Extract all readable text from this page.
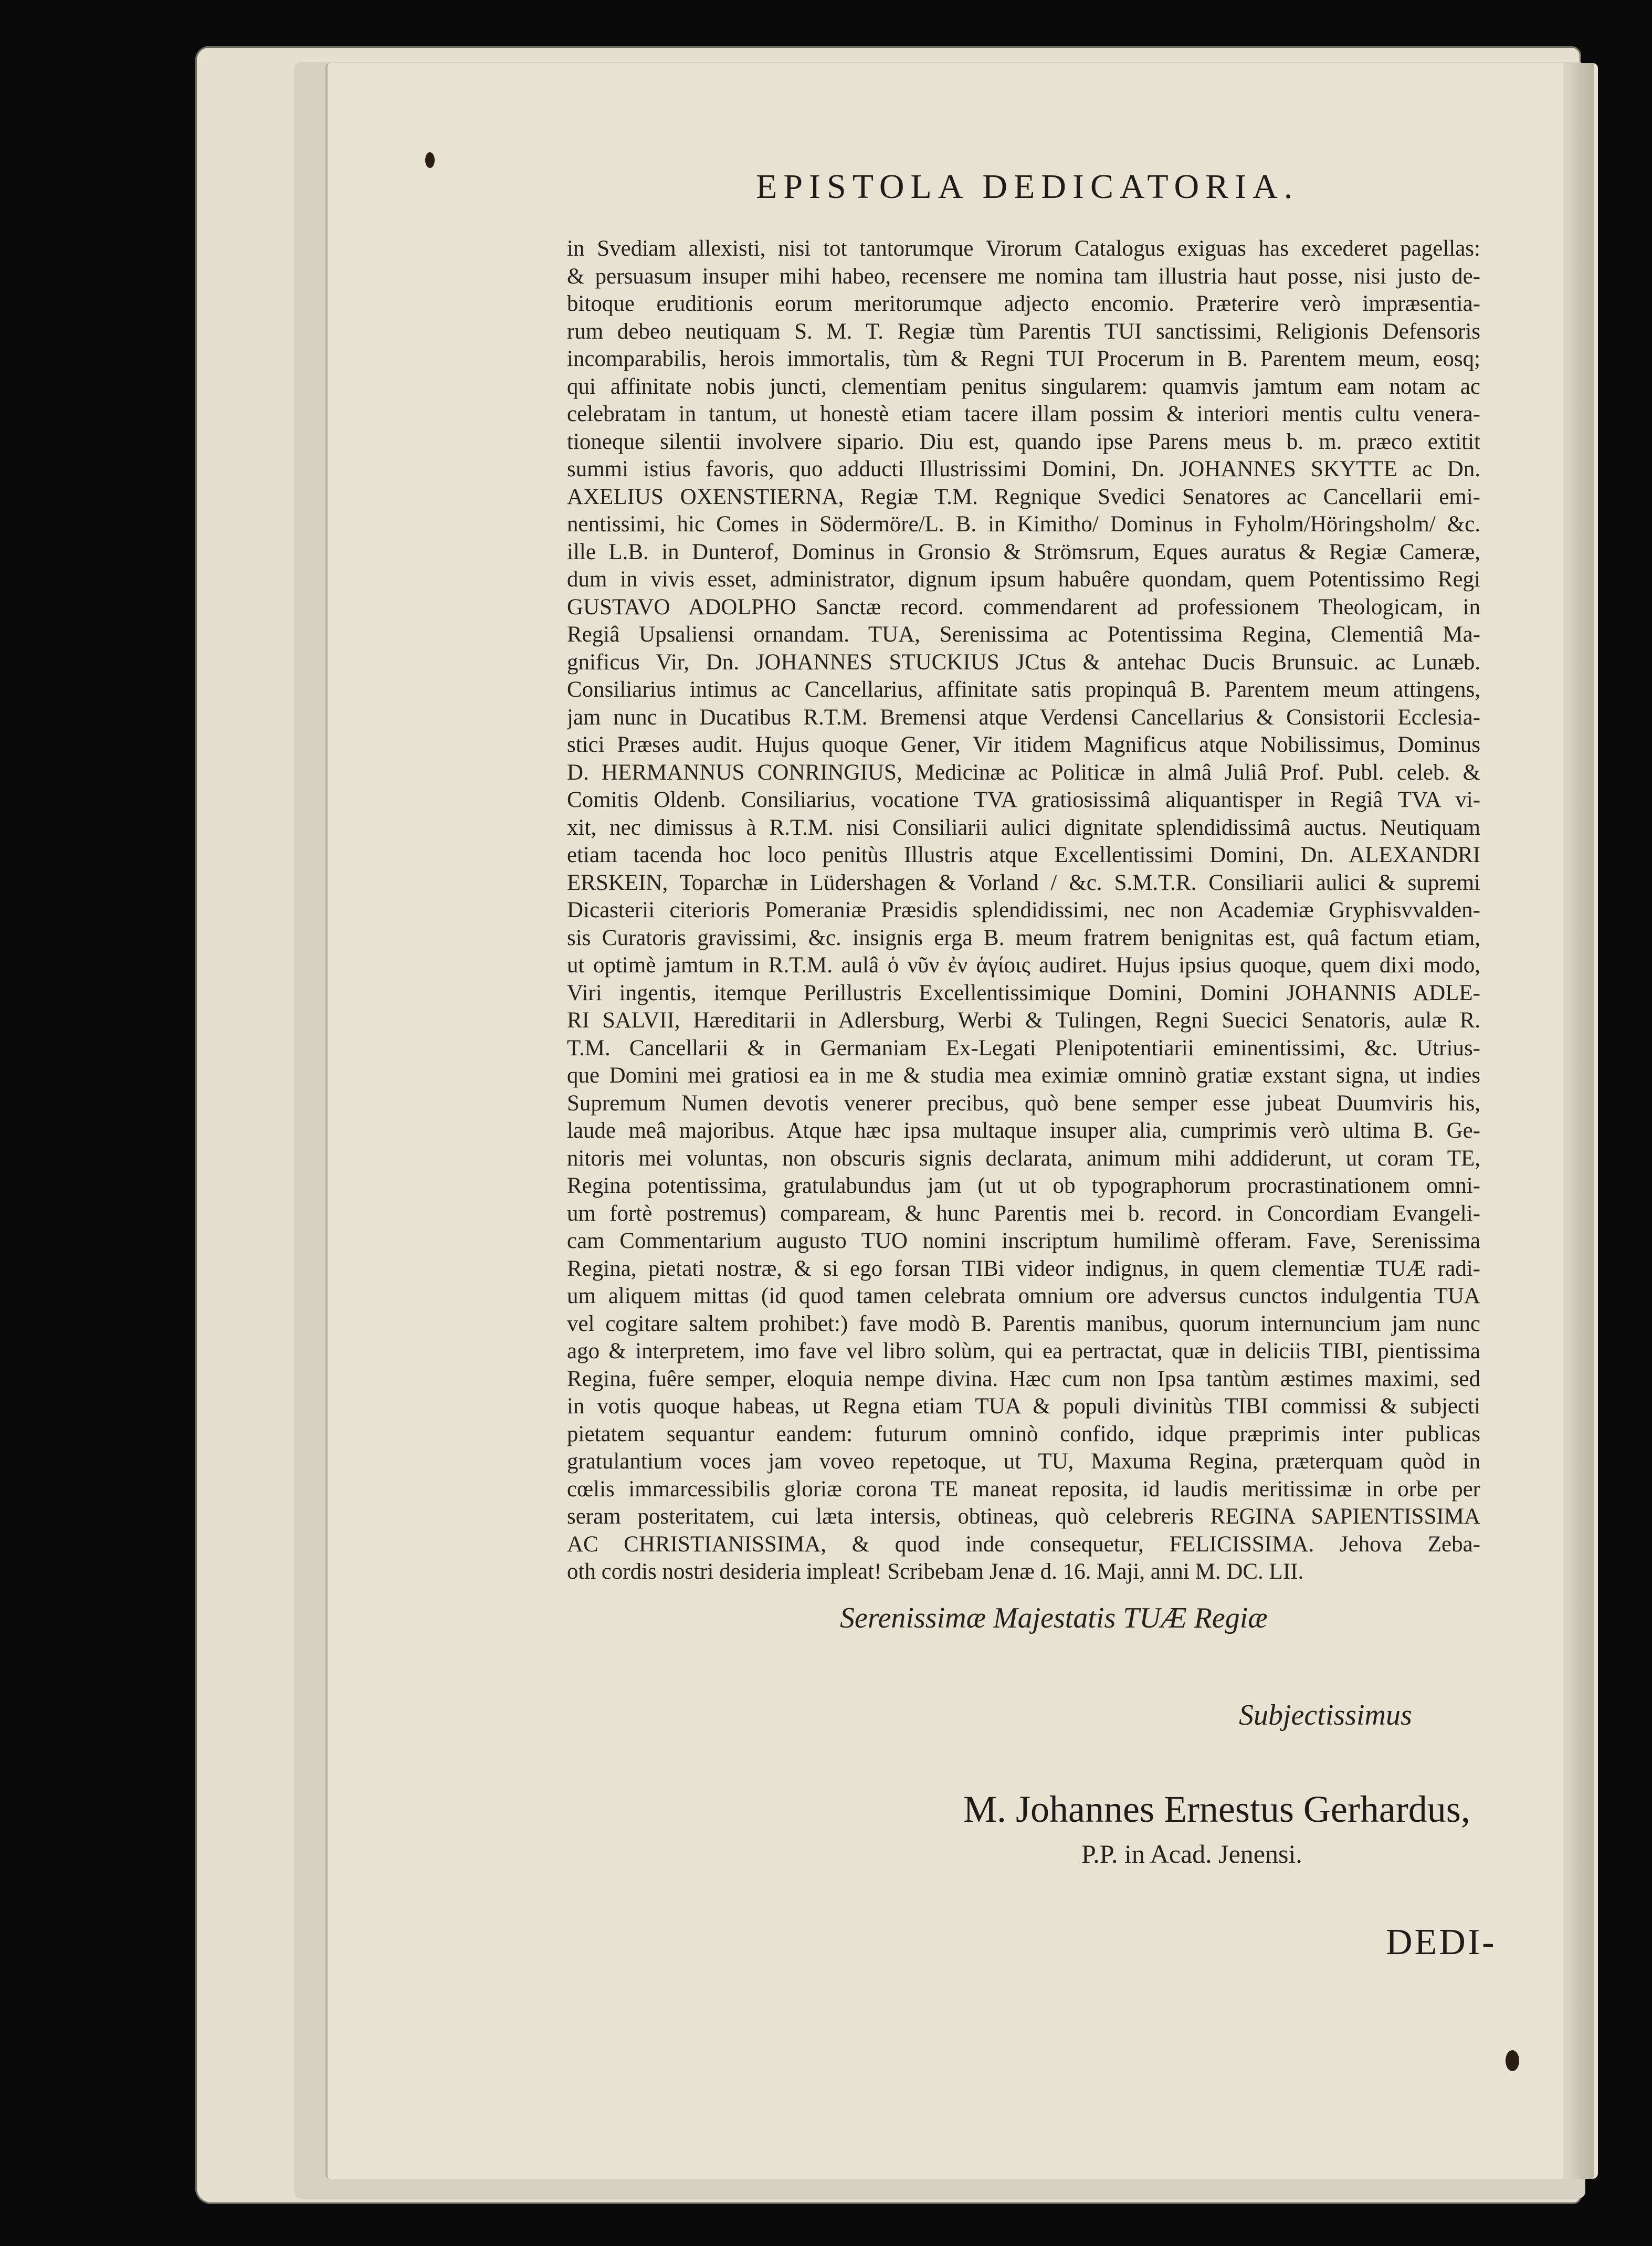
EPISTOLA DEDICATORIA.
in Svediam allexisti, nisi tot tantorumque Virorum Catalogus exiguas has excederet pagellas:
& persuasum insuper mihi habeo, recensere me nomina tam illustria haut posse, nisi justo de-
bitoque eruditionis eorum meritorumque adjecto encomio. Præterire verò impræsentia-
rum debeo neutiquam S. M. T. Regiæ tùm Parentis TUI sanctissimi, Religionis Defensoris
incomparabilis, herois immortalis, tùm & Regni TUI Procerum in B. Parentem meum, eosq;
qui affinitate nobis juncti, clementiam penitus singularem: quamvis jamtum eam notam ac
celebratam in tantum, ut honestè etiam tacere illam possim & interiori mentis cultu venera-
tioneque silentii involvere sipario. Diu est, quando ipse Parens meus b. m. præco extitit
summi istius favoris, quo adducti Illustrissimi Domini, Dn. JOHANNES SKYTTE ac Dn.
AXELIUS OXENSTIERNA, Regiæ T.M. Regnique Svedici Senatores ac Cancellarii emi-
nentissimi, hic Comes in Södermöre/L. B. in Kimitho/ Dominus in Fyholm/Höringsholm/ &c.
ille L.B. in Dunterof, Dominus in Gronsio & Strömsrum, Eques auratus & Regiæ Cameræ,
dum in vivis esset, administrator, dignum ipsum habuêre quondam, quem Potentissimo Regi
GUSTAVO ADOLPHO Sanctæ record. commendarent ad professionem Theologicam, in
Regiâ Upsaliensi ornandam. TUA, Serenissima ac Potentissima Regina, Clementiâ Ma-
gnificus Vir, Dn. JOHANNES STUCKIUS JCtus & antehac Ducis Brunsuic. ac Lunæb.
Consiliarius intimus ac Cancellarius, affinitate satis propinquâ B. Parentem meum attingens,
jam nunc in Ducatibus R.T.M. Bremensi atque Verdensi Cancellarius & Consistorii Ecclesia-
stici Præses audit. Hujus quoque Gener, Vir itidem Magnificus atque Nobilissimus, Dominus
D. HERMANNUS CONRINGIUS, Medicinæ ac Politicæ in almâ Juliâ Prof. Publ. celeb. &
Comitis Oldenb. Consiliarius, vocatione TVA gratiosissimâ aliquantisper in Regiâ TVA vi-
xit, nec dimissus à R.T.M. nisi Consiliarii aulici dignitate splendidissimâ auctus. Neutiquam
etiam tacenda hoc loco penitùs Illustris atque Excellentissimi Domini, Dn. ALEXANDRI
ERSKEIN, Toparchæ in Lüdershagen & Vorland / &c. S.M.T.R. Consiliarii aulici & supremi
Dicasterii citerioris Pomeraniæ Præsidis splendidissimi, nec non Academiæ Gryphisvvalden-
sis Curatoris gravissimi, &c. insignis erga B. meum fratrem benignitas est, quâ factum etiam,
ut optimè jamtum in R.T.M. aulâ ὁ νῦν ἐν ἁγίοις audiret. Hujus ipsius quoque, quem dixi modo,
Viri ingentis, itemque Perillustris Excellentissimique Domini, Domini JOHANNIS ADLE-
RI SALVII, Hæreditarii in Adlersburg, Werbi & Tulingen, Regni Suecici Senatoris, aulæ R.
T.M. Cancellarii & in Germaniam Ex-Legati Plenipotentiarii eminentissimi, &c. Utrius-
que Domini mei gratiosi ea in me & studia mea eximiæ omninò gratiæ exstant signa, ut indies
Supremum Numen devotis venerer precibus, quò bene semper esse jubeat Duumviris his,
laude meâ majoribus. Atque hæc ipsa multaque insuper alia, cumprimis verò ultima B. Ge-
nitoris mei voluntas, non obscuris signis declarata, animum mihi addiderunt, ut coram TE,
Regina potentissima, gratulabundus jam (ut ut ob typographorum procrastinationem omni-
um fortè postremus) compaream, & hunc Parentis mei b. record. in Concordiam Evangeli-
cam Commentarium augusto TUO nomini inscriptum humilimè offeram. Fave, Serenissima
Regina, pietati nostræ, & si ego forsan TIBi videor indignus, in quem clementiæ TUÆ radi-
um aliquem mittas (id quod tamen celebrata omnium ore adversus cunctos indulgentia TUA
vel cogitare saltem prohibet:) fave modò B. Parentis manibus, quorum internuncium jam nunc
ago & interpretem, imo fave vel libro solùm, qui ea pertractat, quæ in deliciis TIBI, pientissima
Regina, fuêre semper, eloquia nempe divina. Hæc cum non Ipsa tantùm æstimes maximi, sed
in votis quoque habeas, ut Regna etiam TUA & populi divinitùs TIBI commissi & subjecti
pietatem sequantur eandem: futurum omninò confido, idque præprimis inter publicas
gratulantium voces jam voveo repetoque, ut TU, Maxuma Regina, præterquam quòd in
cœlis immarcessibilis gloriæ corona TE maneat reposita, id laudis meritissimæ in orbe per
seram posteritatem, cui læta intersis, obtineas, quò celebreris REGINA SAPIENTISSIMA
AC CHRISTIANISSIMA, & quod inde consequetur, FELICISSIMA. Jehova Zeba-
oth cordis nostri desideria impleat! Scribebam Jenæ d. 16. Maji, anni M. DC. LII.
Serenissimæ Majestatis TUÆ Regiæ
Subjectissimus
M. Johannes Ernestus Gerhardus,
P.P. in Acad. Jenensi.
DEDI-
